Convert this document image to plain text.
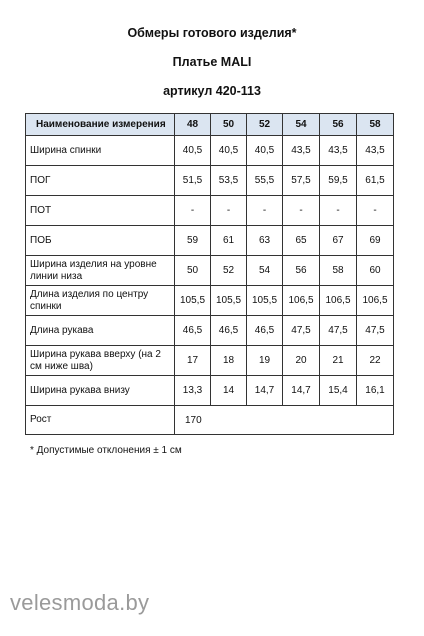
Обмеры готового изделия*
Платье MALI
артикул 420-113
Наименование измерения	48	50	52	54	56	58
Ширина спинки	40,5	40,5	40,5	43,5	43,5	43,5
ПОГ	51,5	53,5	55,5	57,5	59,5	61,5
ПОТ	-	-	-	-	-	-
ПОБ	59	61	63	65	67	69
Ширина изделия на уровне линии низа	50	52	54	56	58	60
Длина изделия по центру спинки	105,5	105,5	105,5	106,5	106,5	106,5
Длина рукава	46,5	46,5	46,5	47,5	47,5	47,5
Ширина рукава вверху (на 2 см ниже шва)	17	18	19	20	21	22
Ширина рукава внизу	13,3	14	14,7	14,7	15,4	16,1
Рост	170					
* Допустимые отклонения ± 1 см
velesmoda.by
